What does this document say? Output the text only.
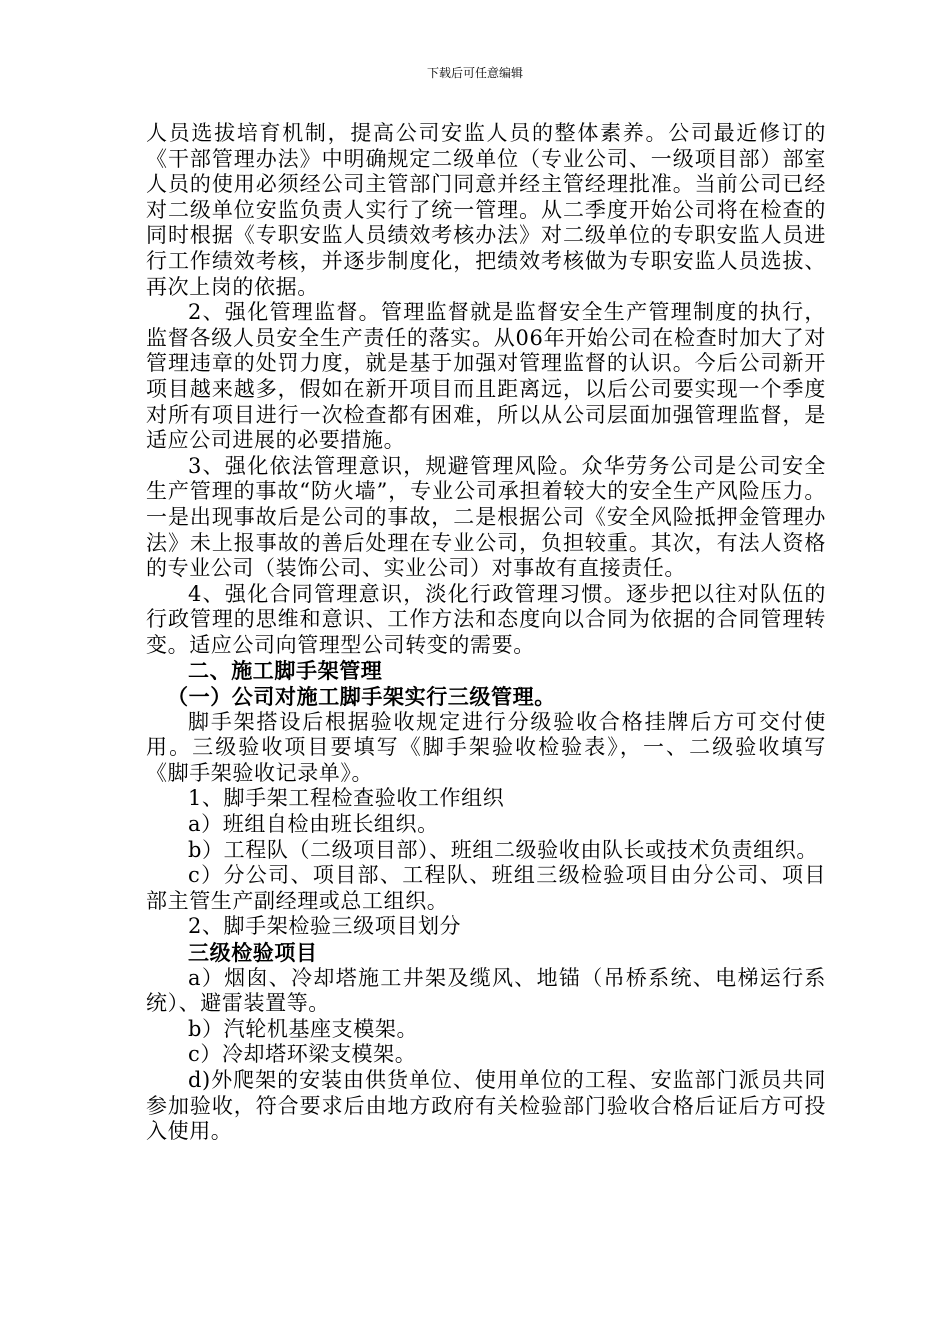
下载后可任意编辑

人员选拔培育机制，提高公司安监人员的整体素养。公司最近修订的《干部管理办法》中明确规定二级单位（专业公司、一级项目部）部室人员的使用必须经公司主管部门同意并经主管经理批准。当前公司已经对二级单位安监负责人实行了统一管理。从二季度开始公司将在检查的同时根据《专职安监人员绩效考核办法》对二级单位的专职安监人员进行工作绩效考核，并逐步制度化，把绩效考核做为专职安监人员选拔、再次上岗的依据。

2、强化管理监督。管理监督就是监督安全生产管理制度的执行，监督各级人员安全生产责任的落实。从06年开始公司在检查时加大了对管理违章的处罚力度，就是基于加强对管理监督的认识。今后公司新开项目越来越多，假如在新开项目而且距离远，以后公司要实现一个季度对所有项目进行一次检查都有困难，所以从公司层面加强管理监督，是适应公司进展的必要措施。

3、强化依法管理意识，规避管理风险。众华劳务公司是公司安全生产管理的事故“防火墙”，专业公司承担着较大的安全生产风险压力。一是出现事故后是公司的事故，二是根据公司《安全风险抵押金管理办法》未上报事故的善后处理在专业公司，负担较重。其次，有法人资格的专业公司（装饰公司、实业公司）对事故有直接责任。

4、强化合同管理意识，淡化行政管理习惯。逐步把以往对队伍的行政管理的思维和意识、工作方法和态度向以合同为依据的合同管理转变。适应公司向管理型公司转变的需要。

二、施工脚手架管理

（一）公司对施工脚手架实行三级管理。

脚手架搭设后根据验收规定进行分级验收合格挂牌后方可交付使用。三级验收项目要填写《脚手架验收检验表》，一、二级验收填写《脚手架验收记录单》。

1、脚手架工程检查验收工作组织

a）班组自检由班长组织。

b）工程队（二级项目部）、班组二级验收由队长或技术负责组织。

c）分公司、项目部、工程队、班组三级检验项目由分公司、项目部主管生产副经理或总工组织。

2、脚手架检验三级项目划分

三级检验项目

a）烟囱、冷却塔施工井架及缆风、地锚（吊桥系统、电梯运行系统）、避雷装置等。

b）汽轮机基座支模架。

c）冷却塔环梁支模架。

d)外爬架的安装由供货单位、使用单位的工程、安监部门派员共同参加验收，符合要求后由地方政府有关检验部门验收合格后证后方可投入使用。
